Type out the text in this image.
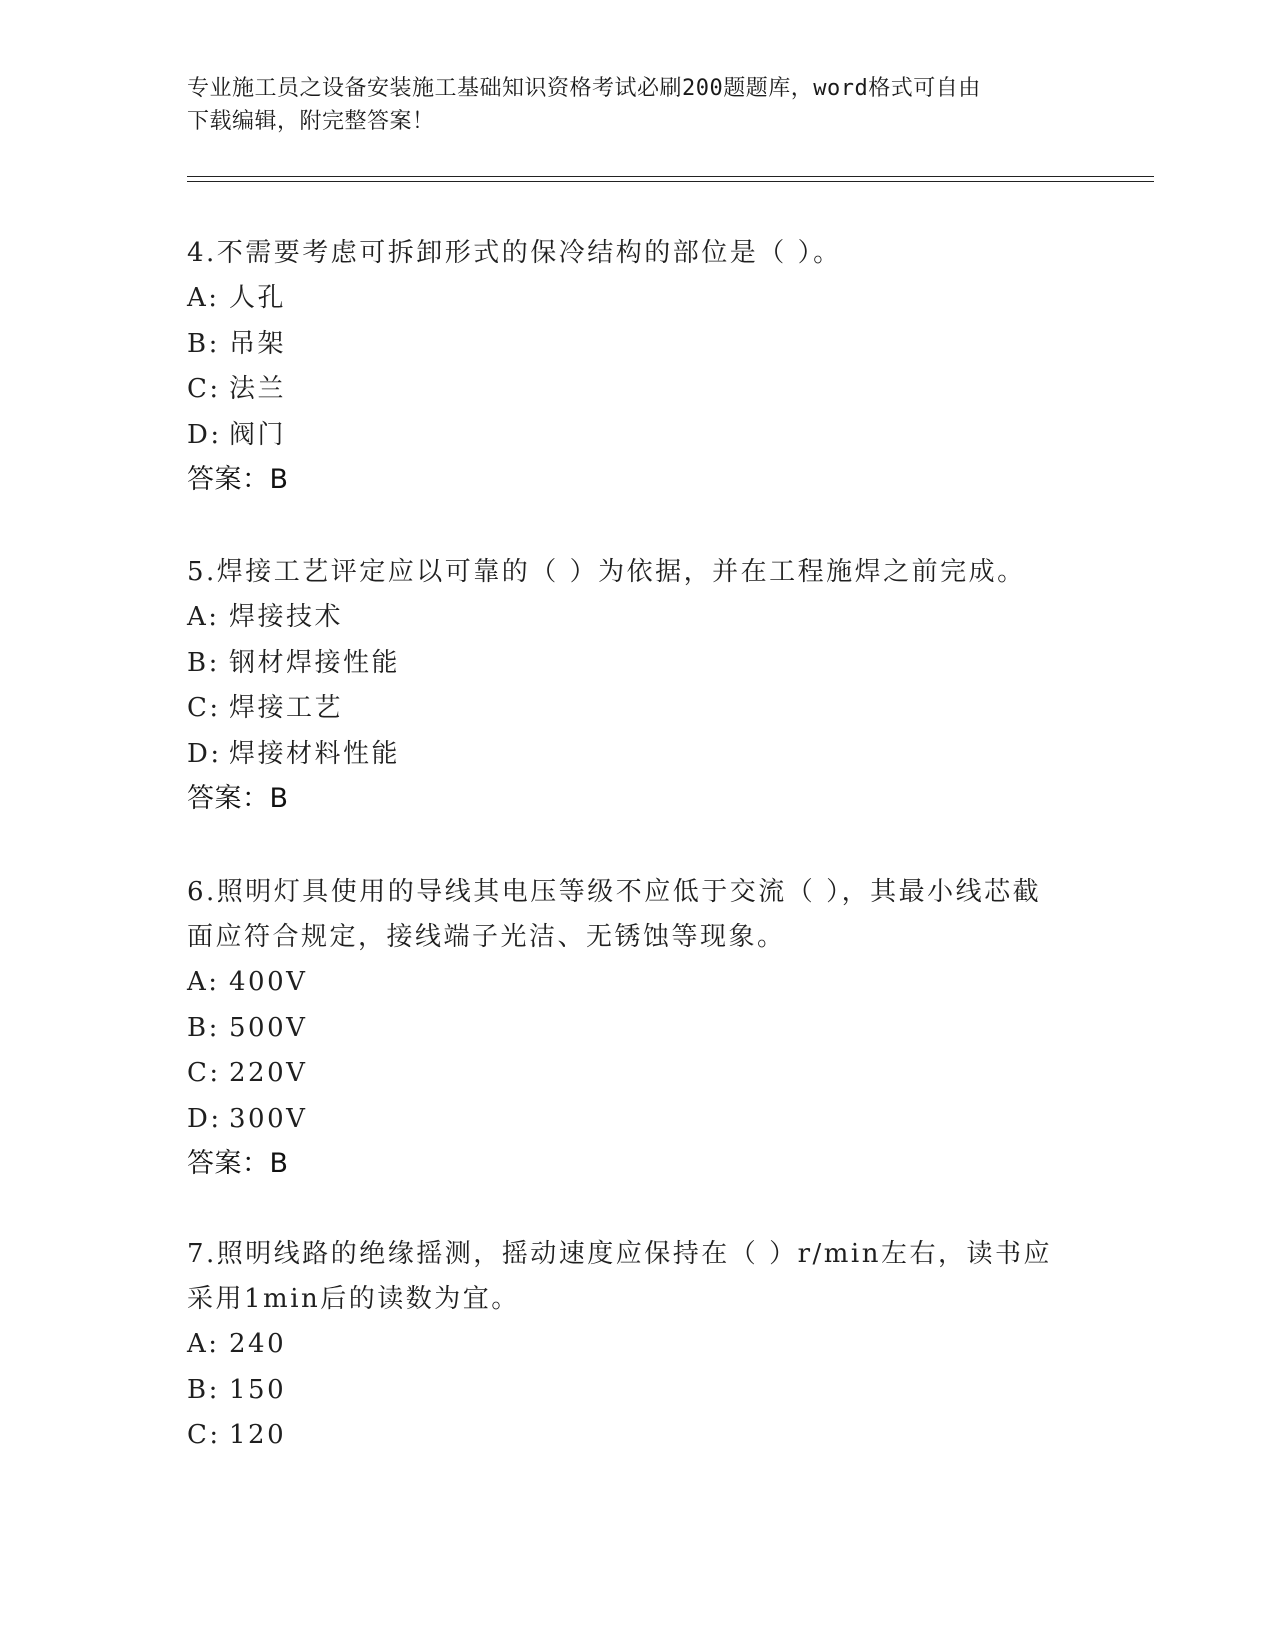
专业施工员之设备安装施工基础知识资格考试必刷200题题库，word格式可自由
下载编辑，附完整答案！

4.不需要考虑可拆卸形式的保冷结构的部位是（ ）。

A: 人孔
B: 吊架
C: 法兰
D: 阀门
答案：B

5.焊接工艺评定应以可靠的（ ）为依据，并在工程施焊之前完成。

A: 焊接技术
B: 钢材焊接性能
C: 焊接工艺
D: 焊接材料性能
答案：B
6.照明灯具使用的导线其电压等级不应低于交流（ ），其最小线芯截
面应符合规定，接线端子光洁、无锈蚀等现象。
A: 400V
B: 500V
C: 220V
D: 300V
答案：B
7.照明线路的绝缘摇测，摇动速度应保持在（ ）r/min左右，读书应
采用1min后的读数为宜。
A: 240
B: 150
C: 120
